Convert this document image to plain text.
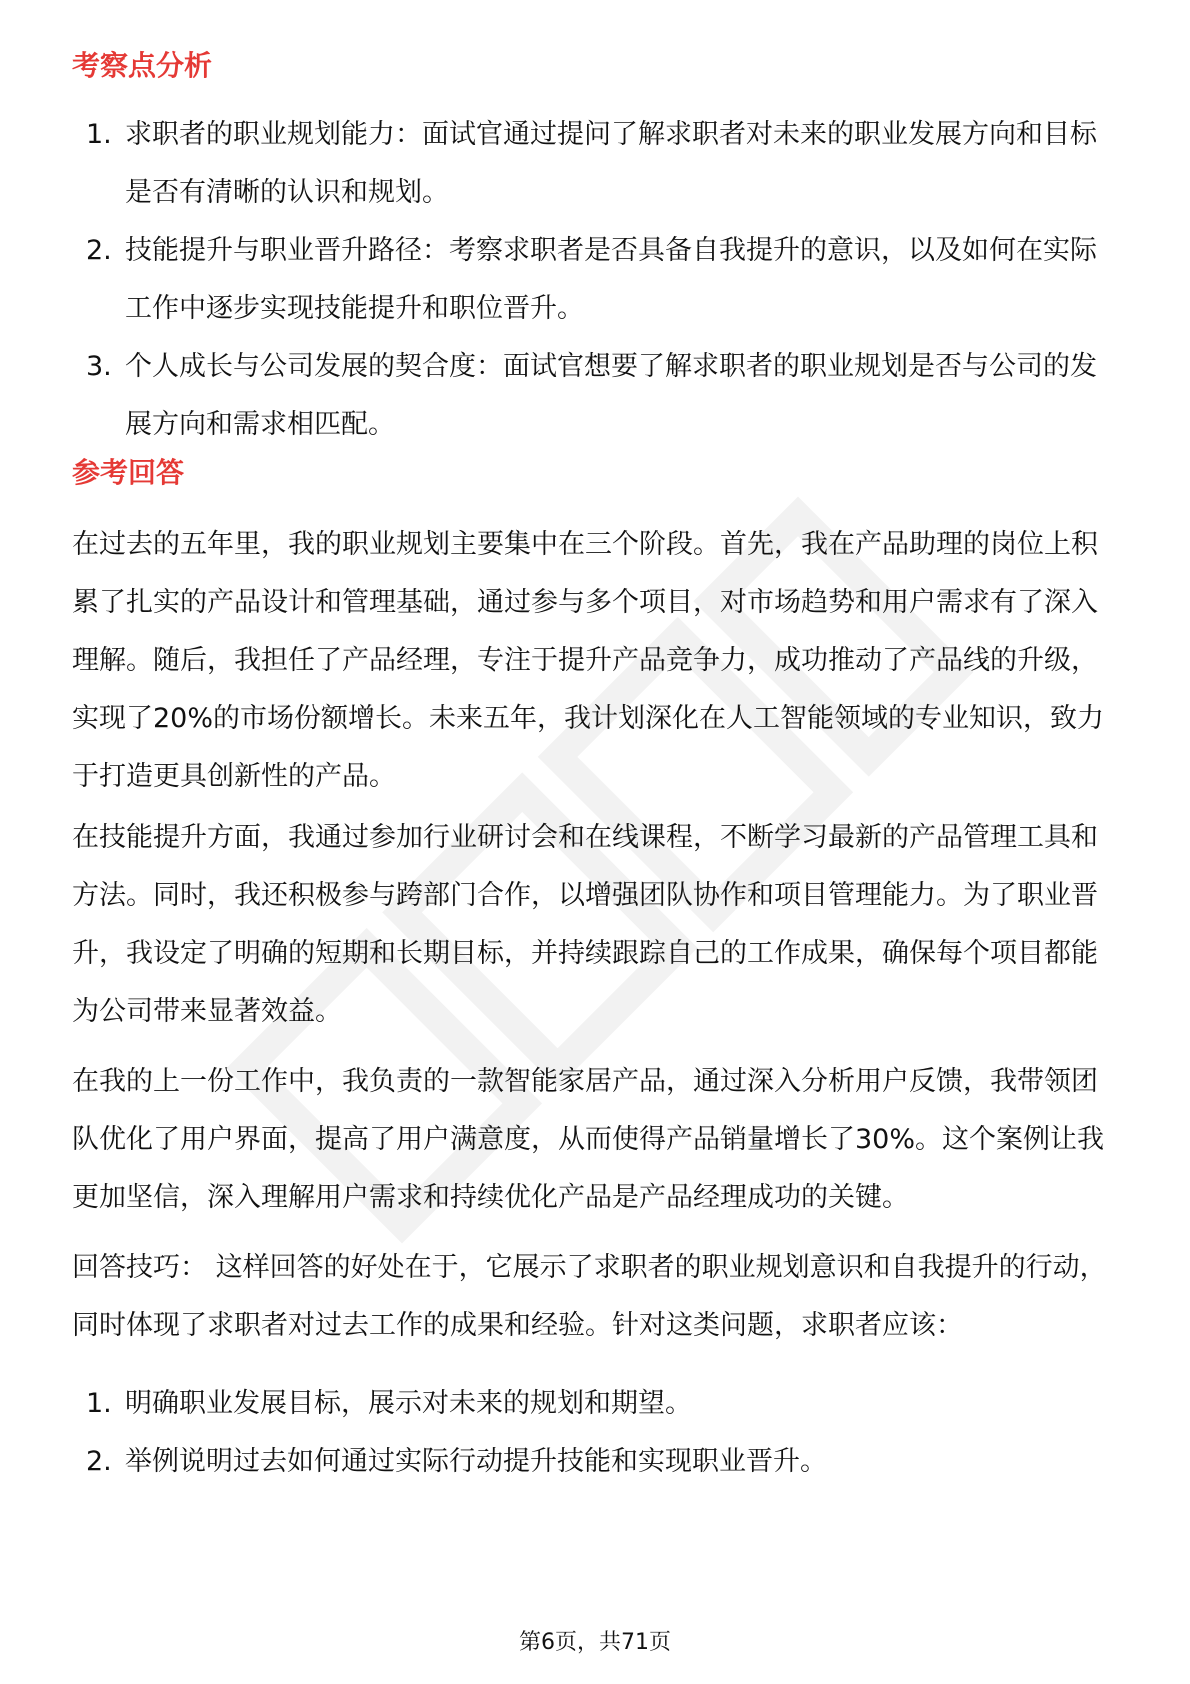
考察点分析
1. 求职者的职业规划能力：面试官通过提问了解求职者对未来的职业发展方向和目标是否有清晰的认识和规划。
2. 技能提升与职业晋升路径：考察求职者是否具备自我提升的意识，以及如何在实际工作中逐步实现技能提升和职位晋升。
3. 个人成长与公司发展的契合度：面试官想要了解求职者的职业规划是否与公司的发展方向和需求相匹配。
参考回答

在过去的五年里，我的职业规划主要集中在三个阶段。首先，我在产品助理的岗位上积累了扎实的产品设计和管理基础，通过参与多个项目，对市场趋势和用户需求有了深入理解。随后，我担任了产品经理，专注于提升产品竞争力，成功推动了产品线的升级，实现了20%的市场份额增长。未来五年，我计划深化在人工智能领域的专业知识，致力于打造更具创新性的产品。

在技能提升方面，我通过参加行业研讨会和在线课程，不断学习最新的产品管理工具和方法。同时，我还积极参与跨部门合作，以增强团队协作和项目管理能力。为了职业晋升，我设定了明确的短期和长期目标，并持续跟踪自己的工作成果，确保每个项目都能为公司带来显著效益。

在我的上一份工作中，我负责的一款智能家居产品，通过深入分析用户反馈，我带领团队优化了用户界面，提高了用户满意度，从而使得产品销量增长了30%。这个案例让我更加坚信，深入理解用户需求和持续优化产品是产品经理成功的关键。

回答技巧： 这样回答的好处在于，它展示了求职者的职业规划意识和自我提升的行动，同时体现了求职者对过去工作的成果和经验。针对这类问题，求职者应该：

1. 明确职业发展目标，展示对未来的规划和期望。
2. 举例说明过去如何通过实际行动提升技能和实现职业晋升。
第6页，共71页
